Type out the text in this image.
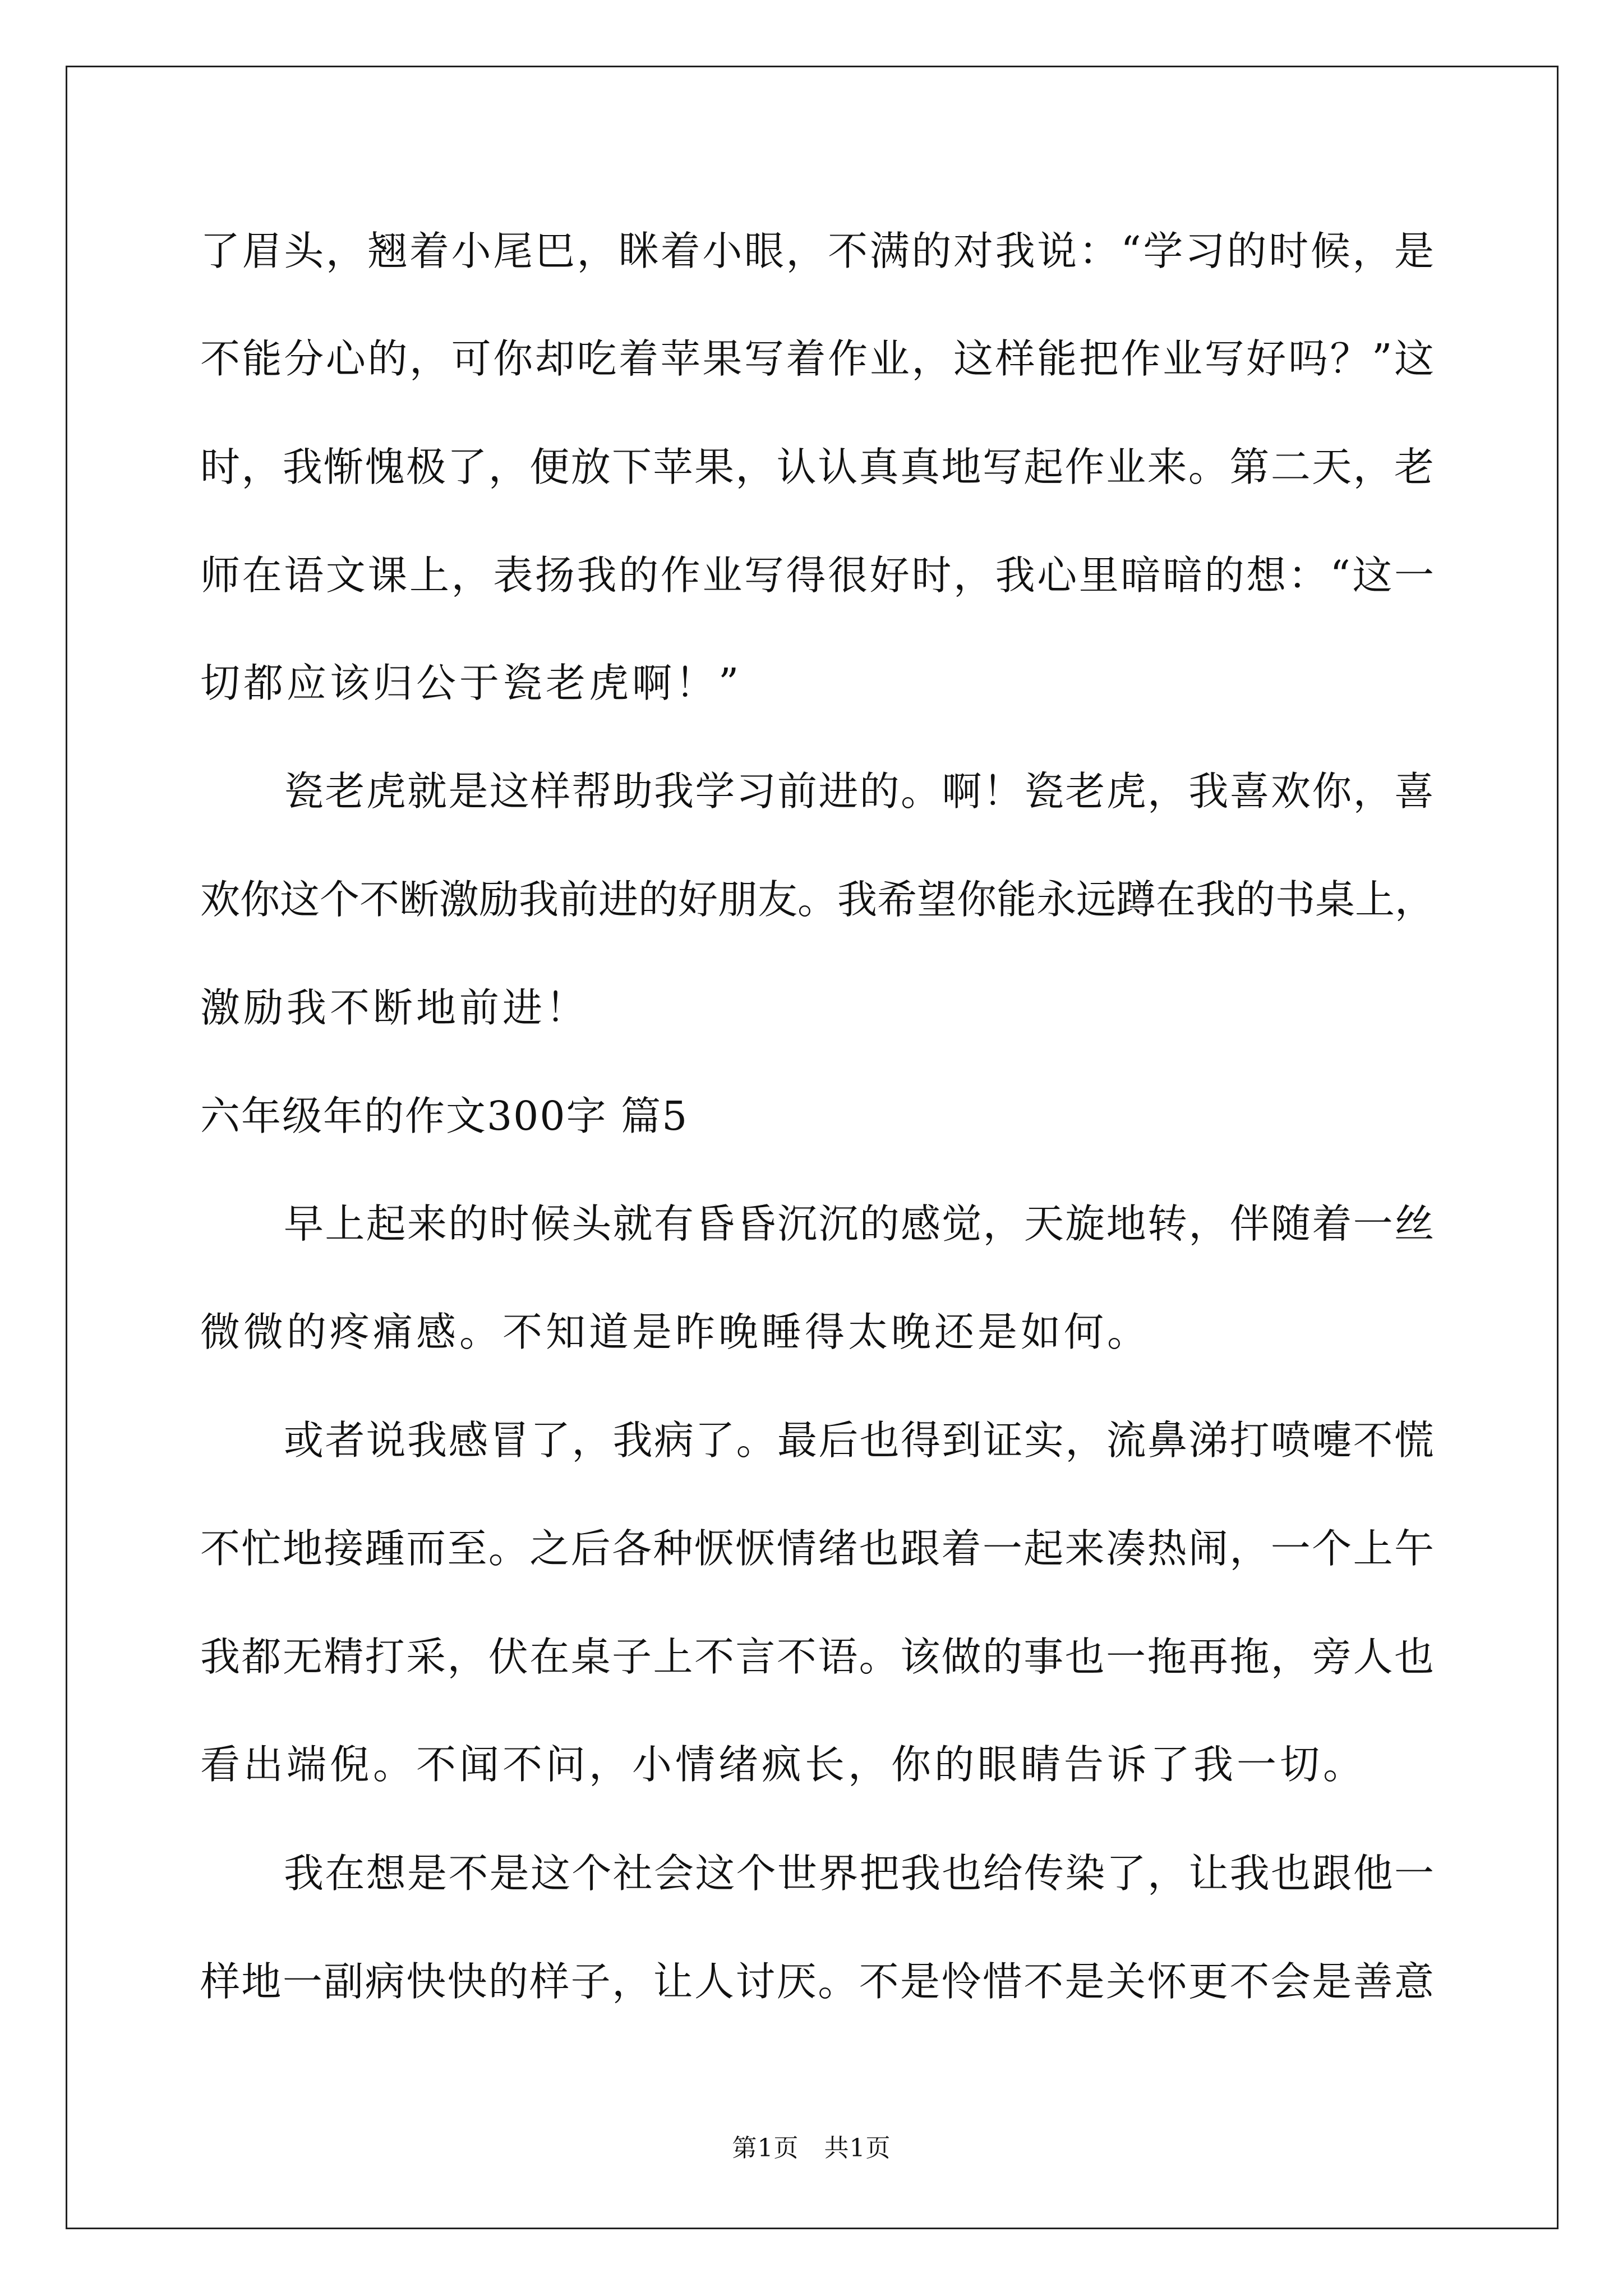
了眉头，翘着小尾巴，眯着小眼，不满的对我说：“学习的时候，是
不能分心的，可你却吃着苹果写着作业，这样能把作业写好吗？”这
时，我惭愧极了，便放下苹果，认认真真地写起作业来。第二天，老
师在语文课上，表扬我的作业写得很好时，我心里暗暗的想：“这一
切都应该归公于瓷老虎啊！”
瓷老虎就是这样帮助我学习前进的。啊！瓷老虎，我喜欢你，喜
欢你这个不断激励我前进的好朋友。我希望你能永远蹲在我的书桌上，
激励我不断地前进！
六年级年的作文300字 篇5
早上起来的时候头就有昏昏沉沉的感觉，天旋地转，伴随着一丝
微微的疼痛感。不知道是昨晚睡得太晚还是如何。
或者说我感冒了，我病了。最后也得到证实，流鼻涕打喷嚏不慌
不忙地接踵而至。之后各种恹恹情绪也跟着一起来凑热闹，一个上午
我都无精打采，伏在桌子上不言不语。该做的事也一拖再拖，旁人也
看出端倪。不闻不问，小情绪疯长，你的眼睛告诉了我一切。
我在想是不是这个社会这个世界把我也给传染了，让我也跟他一
样地一副病快快的样子，让人讨厌。不是怜惜不是关怀更不会是善意
第1页　共1页
